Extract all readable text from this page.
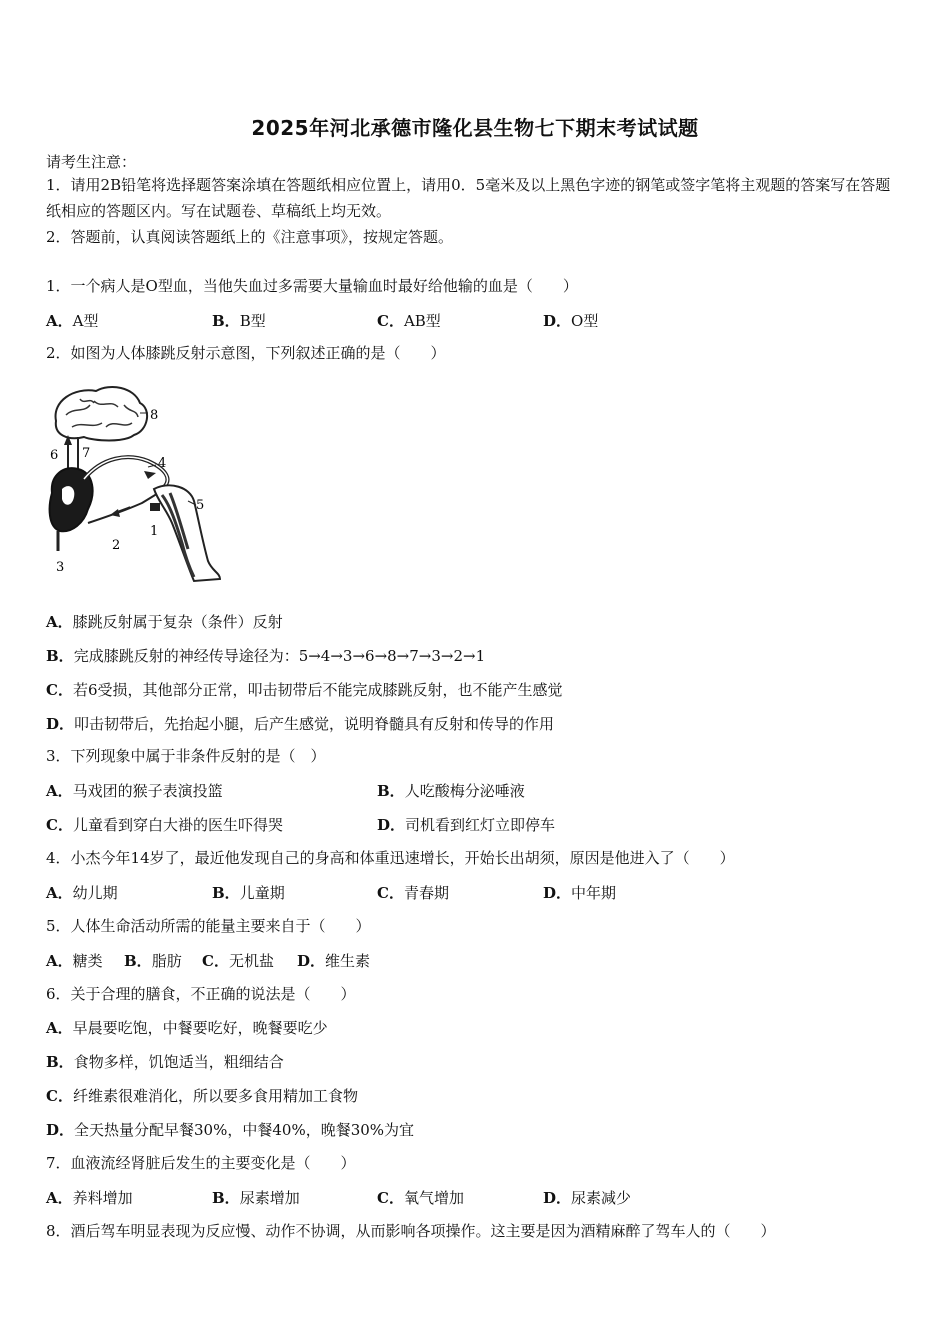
2025年河北承德市隆化县生物七下期末考试试题
请考生注意：
1．请用2B铅笔将选择题答案涂填在答题纸相应位置上，请用0．5毫米及以上黑色字迹的钢笔或签字笔将主观题的答案写在答题纸相应的答题区内。写在试题卷、草稿纸上均无效。
2．答题前，认真阅读答题纸上的《注意事项》，按规定答题。
1．一个病人是O型血，当他失血过多需要大量输血时最好给他输的血是（　　）
A．A型	B．B型	C．AB型	D．O型
2．如图为人体膝跳反射示意图，下列叙述正确的是（　　）
8
7
6
4
5
1
2
3
A．膝跳反射属于复杂（条件）反射
B．完成膝跳反射的神经传导途径为：5→4→3→6→8→7→3→2→1
C．若6受损，其他部分正常，叩击韧带后不能完成膝跳反射，也不能产生感觉
D．叩击韧带后，先抬起小腿，后产生感觉，说明脊髓具有反射和传导的作用
3．下列现象中属于非条件反射的是（　）
A．马戏团的猴子表演投篮	B．人吃酸梅分泌唾液
C．儿童看到穿白大褂的医生吓得哭	D．司机看到红灯立即停车
4．小杰今年14岁了，最近他发现自己的身高和体重迅速增长，开始长出胡须，原因是他进入了（　　）
A．幼儿期	B．儿童期	C．青春期	D．中年期
5．人体生命活动所需的能量主要来自于（　　）
A．糖类 B．脂肪 C．无机盐 D．维生素
6．关于合理的膳食，不正确的说法是（　　）
A．早晨要吃饱，中餐要吃好，晚餐要吃少
B．食物多样，饥饱适当，粗细结合
C．纤维素很难消化，所以要多食用精加工食物
D．全天热量分配早餐30%，中餐40%，晚餐30%为宜
7．血液流经肾脏后发生的主要变化是（　　）
A．养料增加	B．尿素增加	C．氧气增加	D．尿素减少
8．酒后驾车明显表现为反应慢、动作不协调，从而影响各项操作。这主要是因为酒精麻醉了驾车人的（　　）
